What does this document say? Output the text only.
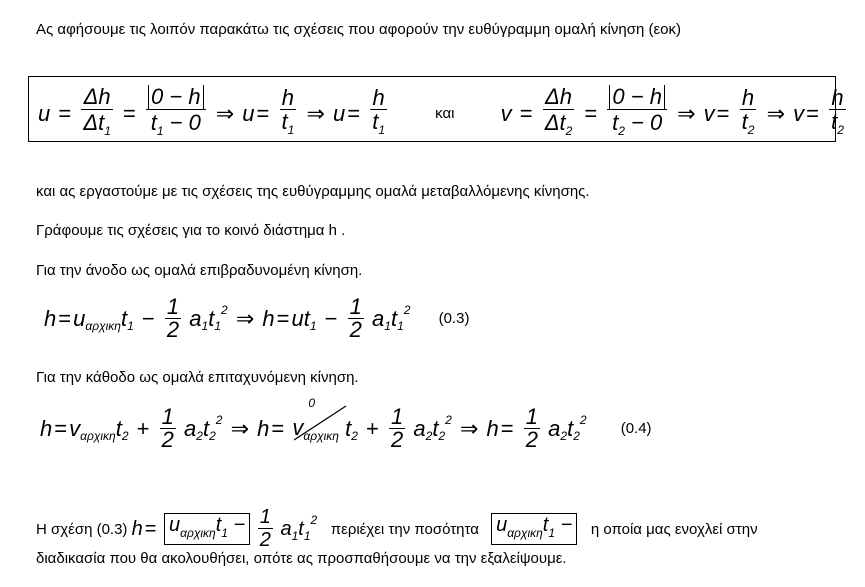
Ας αφήσουμε τις λοιπόν παρακάτω τις σχέσεις που αφορούν την ευθύγραμμη ομαλή κίνηση (εοκ)

$u = \frac{\Delta h}{\Delta t1} = \frac{0 - h}{t1 - 0}$ ⇒ $u= \frac{h}{t1}$ ⇒ $u= \frac{h}{t1}$	και $v = \frac{\Delta h}{\Delta t2} = \frac{0 - h}{t2 - 0}$ ⇒ $v= \frac{h}{t2}$ ⇒ $v= \frac{h}{t2}$

και ας εργαστούμε με τις σχέσεις της ευθύγραμμης ομαλά μεταβαλλόμενης κίνησης.

Γράφουμε τις σχέσεις για το κοινό διάστημα h .

Για την άνοδο ως ομαλά επιβραδυνομένη κίνηση.

$h=u\alpha\rho\chi\iota\kappa\eta t1 - \frac{1}{2} a1t12$ ⇒ $h=ut1 - \frac{1}{2} a1t12$ (0.3)

Για την κάθοδο ως ομαλά επιταχυνόμενη κίνηση.

$h=v\alpha\rho\chi\iota\kappa\eta t2 + \frac{1}{2} a2t22$ ⇒ h=
0
vαρχικη $t2 + \frac{1}{2} a2t22$ ⇒ $h= \frac{1}{2} a2t22$ (0.4)
Η σχέση (0.3) $h = u\alpha\rho\chi\iota\kappa\eta t1 - \frac{1}{2} a1t12$ περιέχει την ποσότητα uαρχικηt1 − η οποία μας ενοχλεί στην

διαδικασία που θα ακολουθήσει, οπότε ας προσπαθήσουμε να την εξαλείψουμε.
